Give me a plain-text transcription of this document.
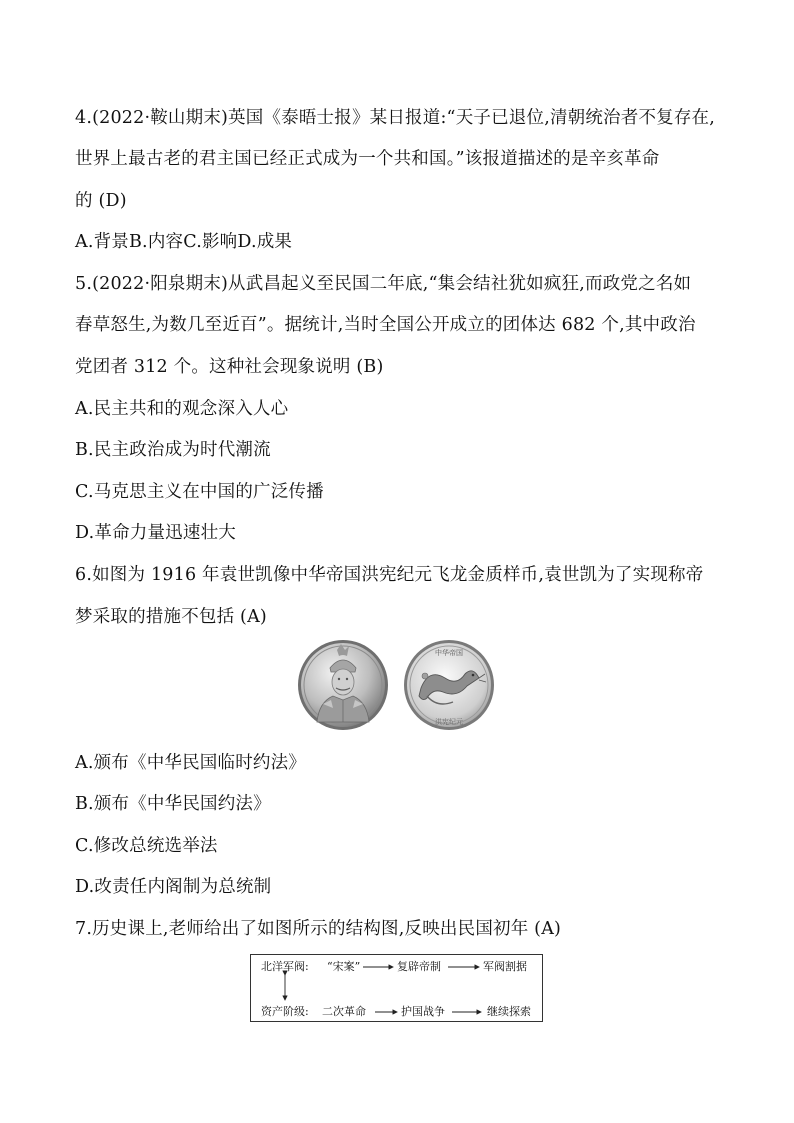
4.(2022·鞍山期末)英国《泰晤士报》某日报道:“天子已退位,清朝统治者不复存在,
世界上最古老的君主国已经正式成为一个共和国。”该报道描述的是辛亥革命
的 (D)
A.背景B.内容C.影响D.成果
5.(2022·阳泉期末)从武昌起义至民国二年底,“集会结社犹如疯狂,而政党之名如
春草怒生,为数几至近百”。据统计,当时全国公开成立的团体达 682 个,其中政治
党团者 312 个。这种社会现象说明 (B)
A.民主共和的观念深入人心
B.民主政治成为时代潮流
C.马克思主义在中国的广泛传播
D.革命力量迅速壮大
6.如图为 1916 年袁世凯像中华帝国洪宪纪元飞龙金质样币,袁世凯为了实现称帝
梦采取的措施不包括 (A)
中华帝国
洪宪纪元
A.颁布《中华民国临时约法》
B.颁布《中华民国约法》
C.修改总统选举法
D.改责任内阁制为总统制
7.历史课上,老师给出了如图所示的结构图,反映出民国初年 (A)
北洋军阀: “宋案”	复辟帝制	军阀割据
资产阶级: 二次革命	护国战争	继续探索
